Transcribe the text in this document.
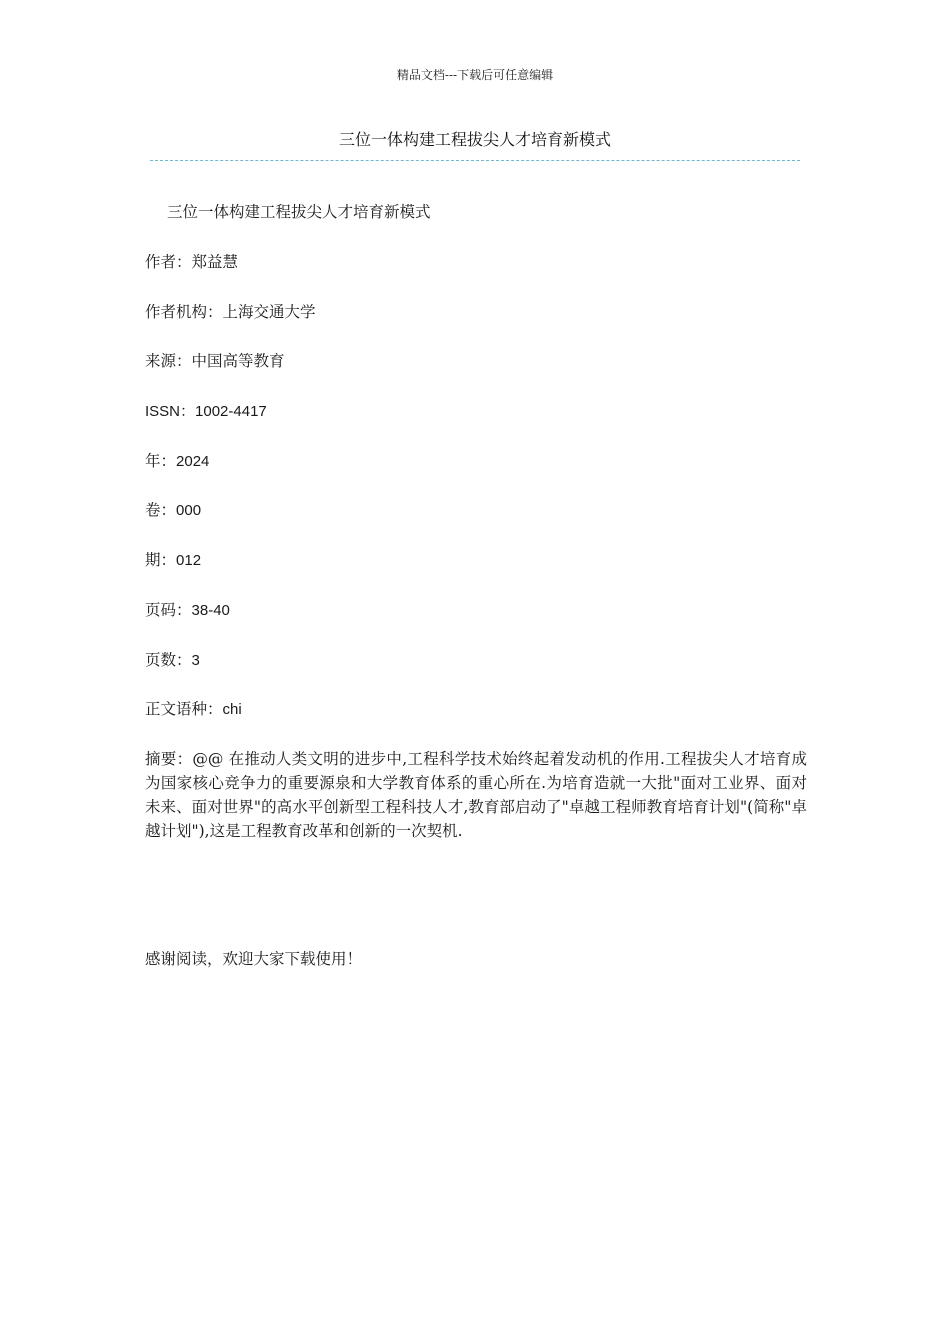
精品文档---下载后可任意编辑
三位一体构建工程拔尖人才培育新模式

三位一体构建工程拔尖人才培育新模式

作者：郑益慧

作者机构：上海交通大学

来源：中国高等教育

ISSN：1002-4417

年：2024

卷：000

期：012

页码：38-40

页数：3

正文语种：chi

摘要：@@ 在推动人类文明的进步中,工程科学技术始终起着发动机的作用.工程拔尖人才培育成为国家核心竞争力的重要源泉和大学教育体系的重心所在.为培育造就一大批"面对工业界、面对未来、面对世界"的高水平创新型工程科技人才,教育部启动了"卓越工程师教育培育计划"(简称"卓越计划"),这是工程教育改革和创新的一次契机.

感谢阅读，欢迎大家下载使用！
